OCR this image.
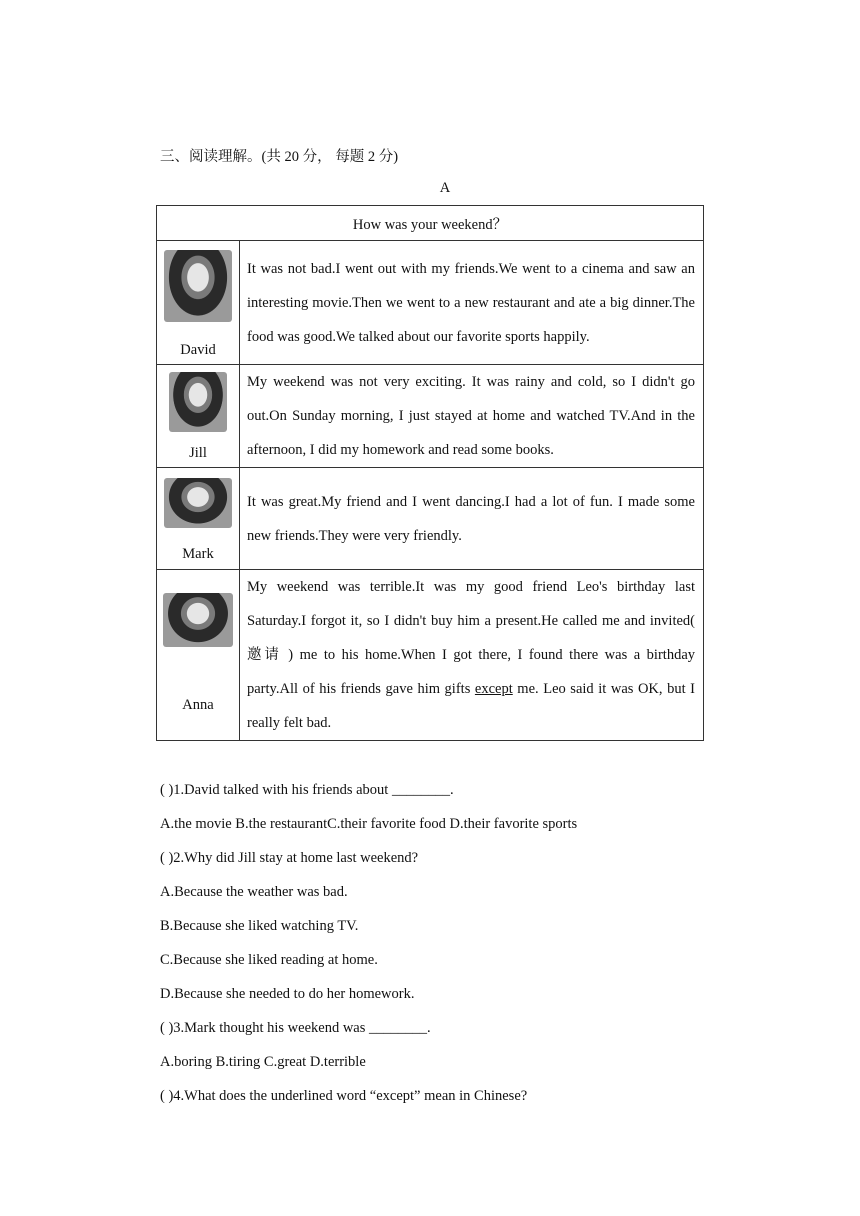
三、阅读理解。(共 20 分， 每题 2 分)
A
How was your weekend？	

David	It was not bad.I went out with my friends.We went to a cinema and saw an interesting movie.Then we went to a new restaurant and ate a big dinner.The food was good.We talked about our favorite sports happily.

Jill	My weekend was not very exciting. It was rainy and cold, so I didn't go out.On Sunday morning, I just stayed at home and watched TV.And in the afternoon, I did my homework and read some books.

Mark	It was great.My friend and I went dancing.I had a lot of fun. I made some new friends.They were very friendly.

Anna	My weekend was terrible.It was my good friend Leo's birthday last Saturday.I forgot it, so I didn't buy him a present.He called me and invited( 邀请 ) me to his home.When I got there, I found there was a birthday party.All of his friends gave him gifts except me. Leo said it was OK, but I really felt bad.
( )1.David talked with his friends about ________.
A.the movie B.the restaurantC.their favorite food D.their favorite sports
( )2.Why did Jill stay at home last weekend?
A.Because the weather was bad.
B.Because she liked watching TV.
C.Because she liked reading at home.
D.Because she needed to do her homework.
( )3.Mark thought his weekend was ________.
A.boring B.tiring C.great D.terrible
( )4.What does the underlined word “except” mean in Chinese?
